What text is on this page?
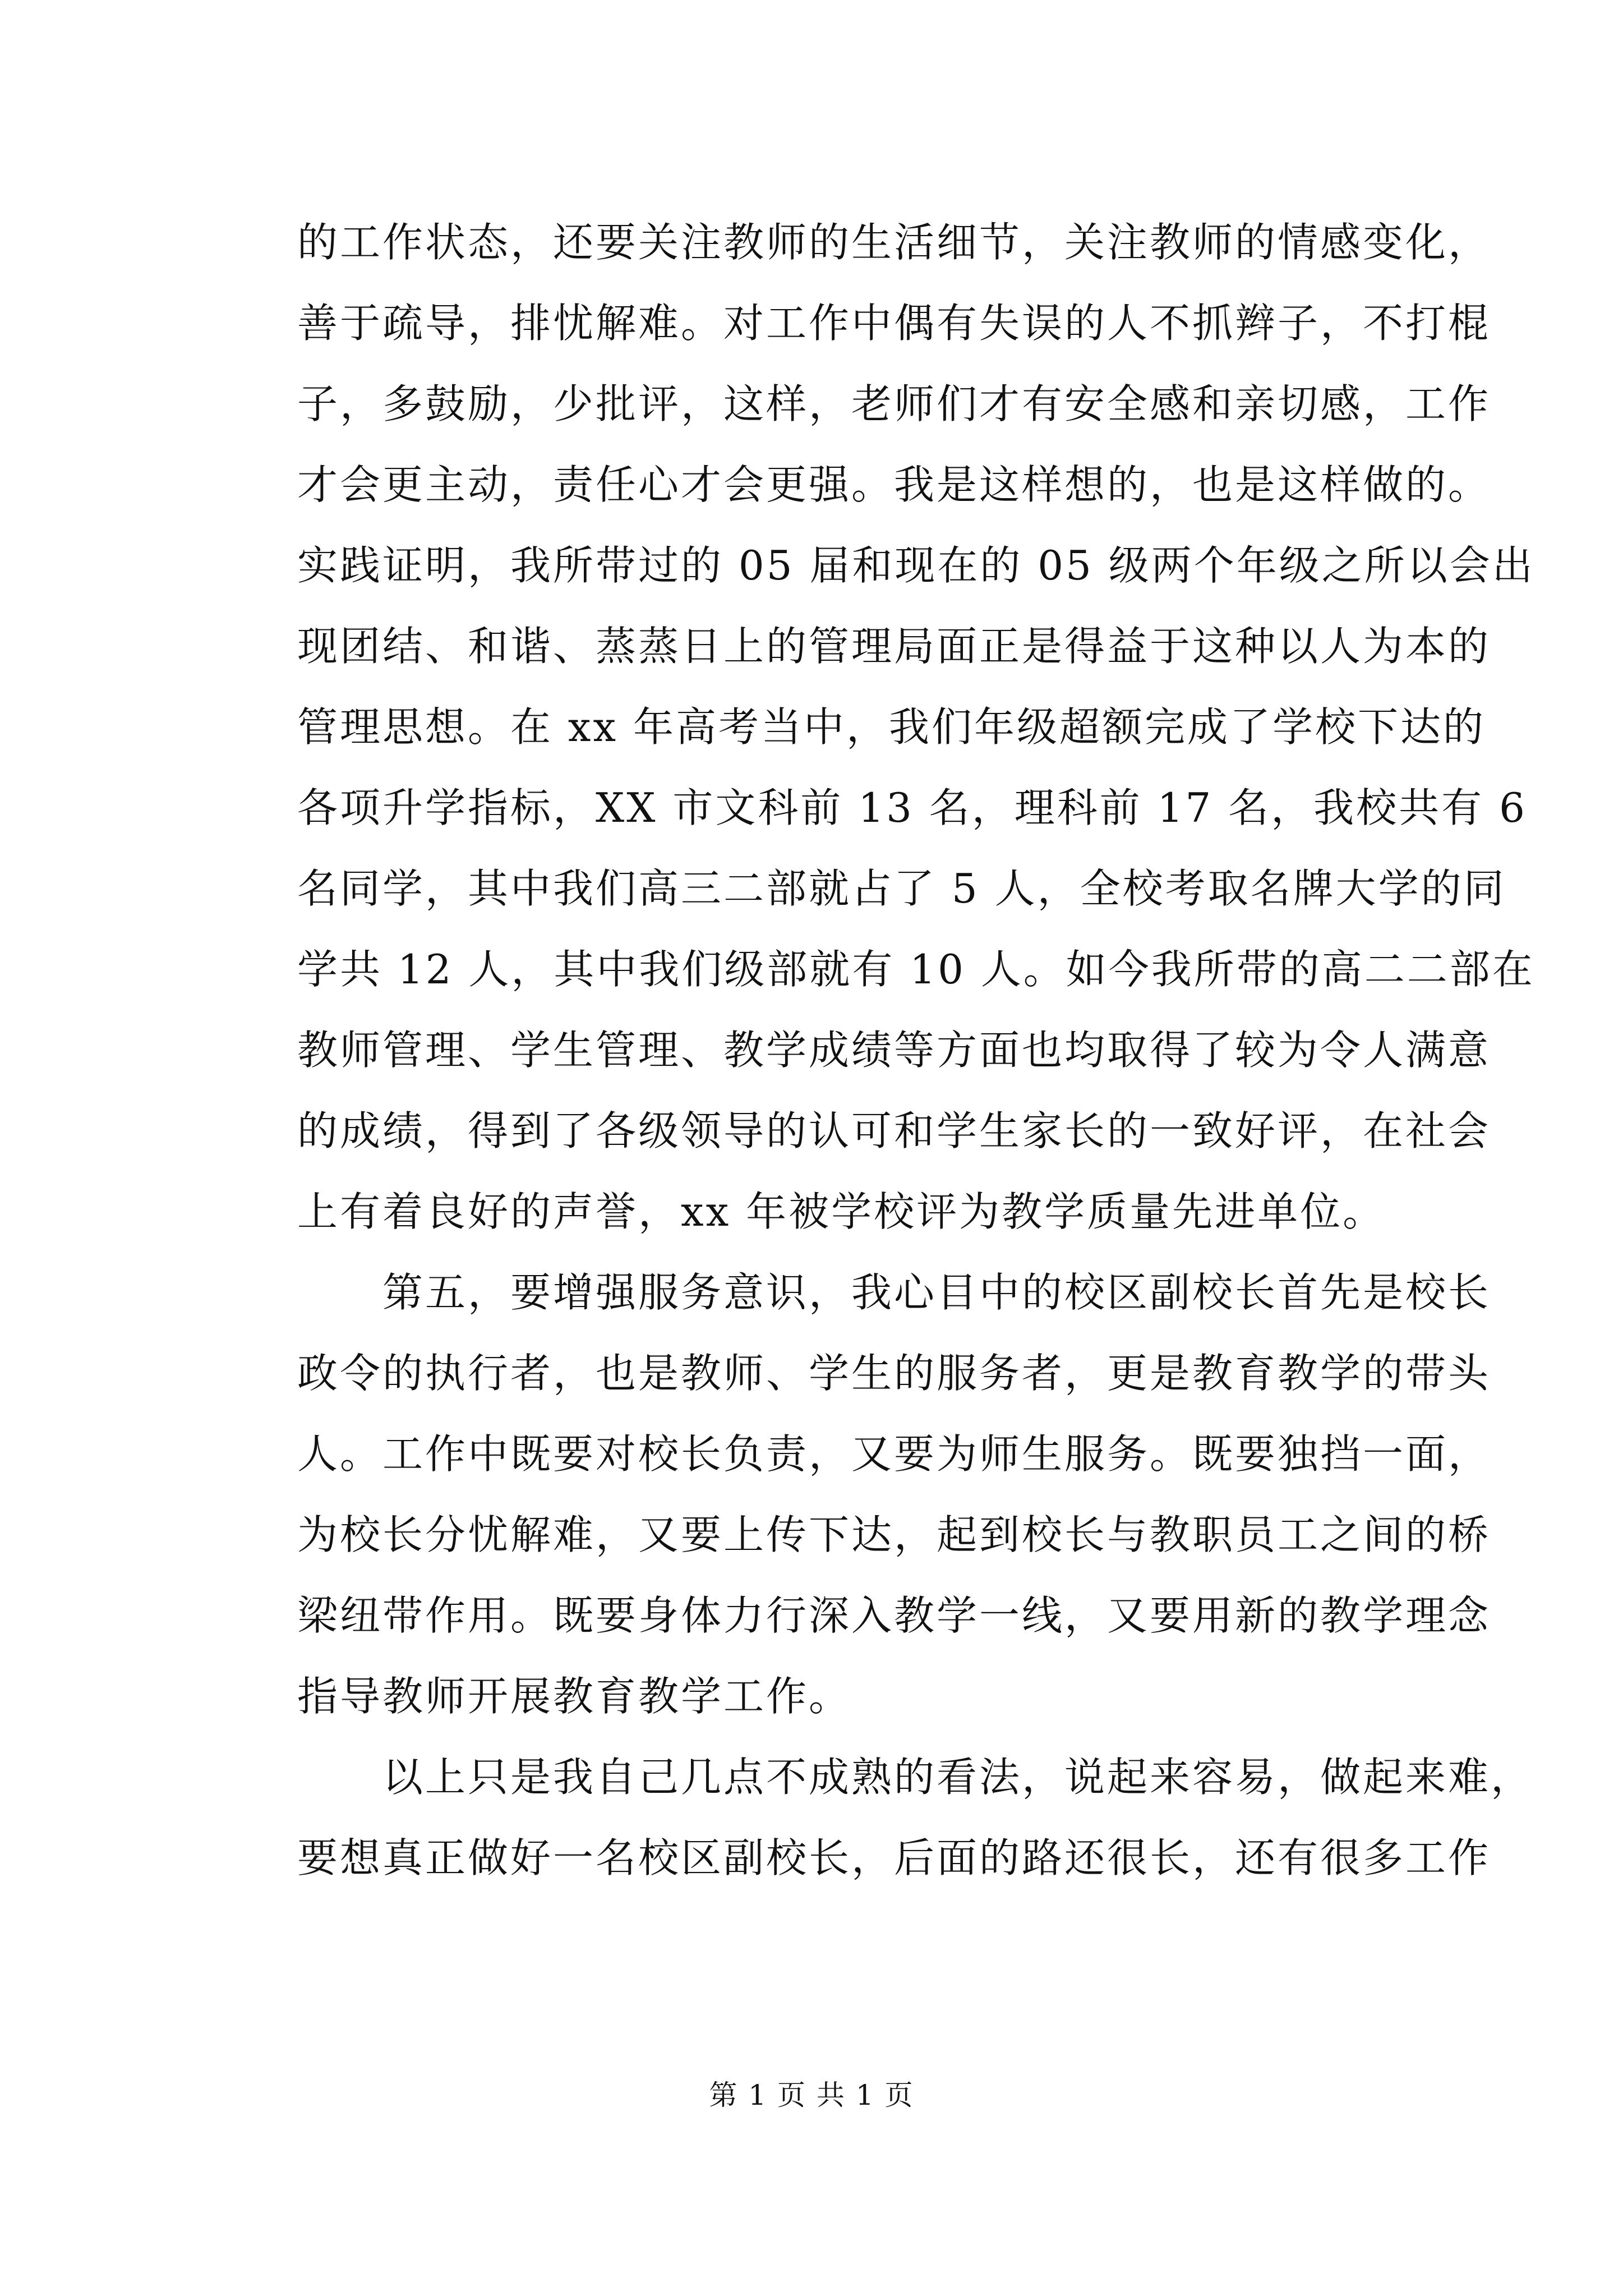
的工作状态，还要关注教师的生活细节，关注教师的情感变化，
善于疏导，排忧解难。对工作中偶有失误的人不抓辫子，不打棍
子，多鼓励，少批评，这样，老师们才有安全感和亲切感，工作
才会更主动，责任心才会更强。我是这样想的，也是这样做的。
实践证明，我所带过的 05 届和现在的 05 级两个年级之所以会出
现团结、和谐、蒸蒸日上的管理局面正是得益于这种以人为本的
管理思想。在 xx 年高考当中，我们年级超额完成了学校下达的
各项升学指标，XX 市文科前 13 名，理科前 17 名，我校共有 6
名同学，其中我们高三二部就占了 5 人，全校考取名牌大学的同
学共 12 人，其中我们级部就有 10 人。如今我所带的高二二部在
教师管理、学生管理、教学成绩等方面也均取得了较为令人满意
的成绩，得到了各级领导的认可和学生家长的一致好评，在社会
上有着良好的声誉，xx 年被学校评为教学质量先进单位。
第五，要增强服务意识，我心目中的校区副校长首先是校长
政令的执行者，也是教师、学生的服务者，更是教育教学的带头
人。工作中既要对校长负责，又要为师生服务。既要独挡一面，
为校长分忧解难，又要上传下达，起到校长与教职员工之间的桥
梁纽带作用。既要身体力行深入教学一线，又要用新的教学理念
指导教师开展教育教学工作。
以上只是我自己几点不成熟的看法，说起来容易，做起来难，
要想真正做好一名校区副校长，后面的路还很长，还有很多工作
第 1 页 共 1 页
